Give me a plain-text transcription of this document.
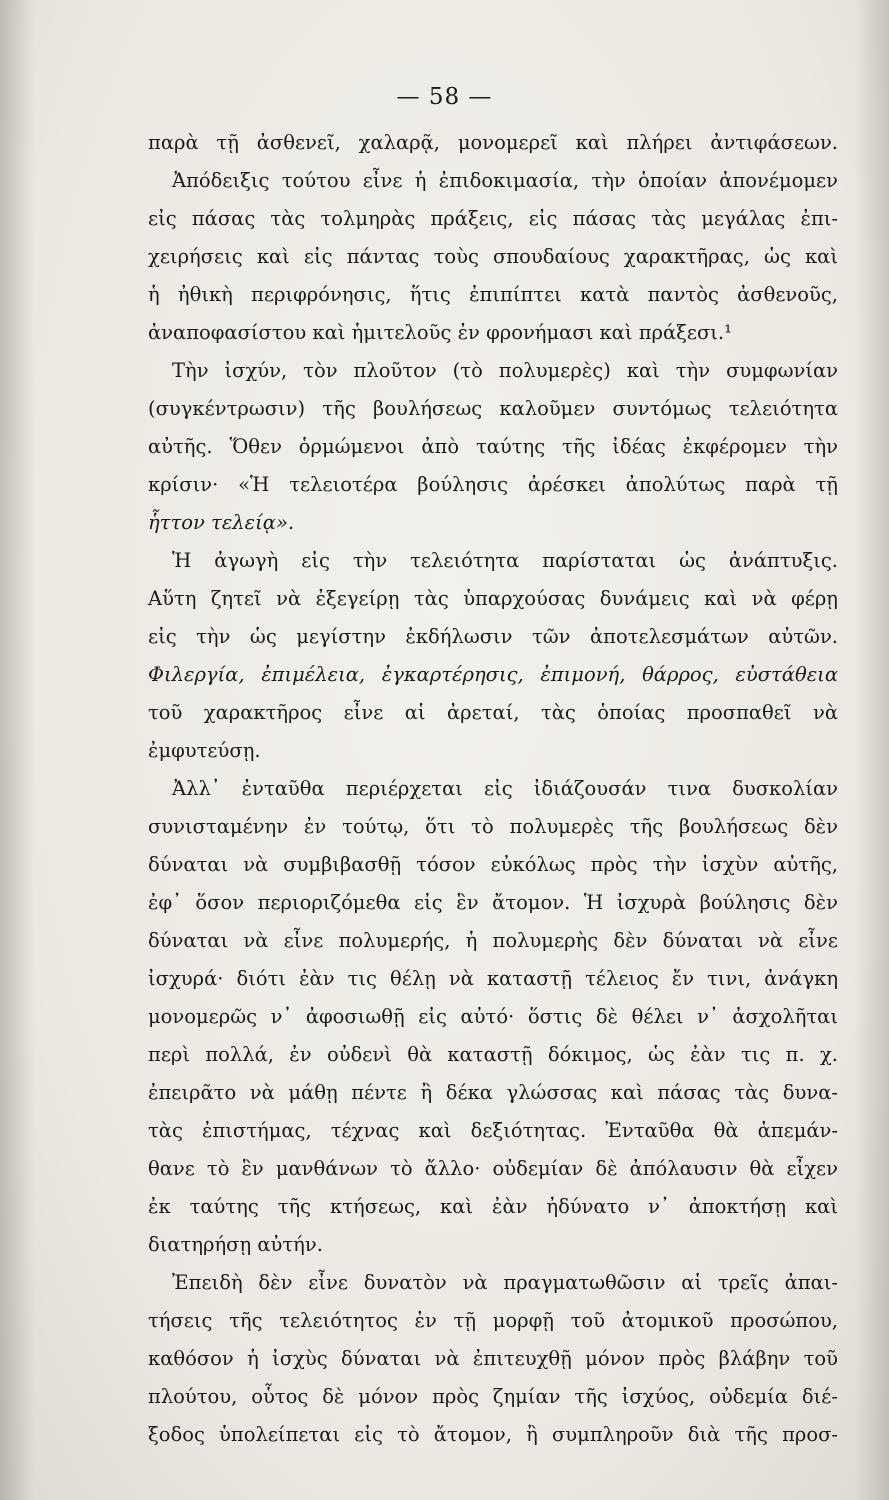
— 58 —
παρὰ τῇ ἀσθενεῖ, χαλαρᾷ, μονομερεῖ καὶ πλήρει ἀντιφάσεων.
Ἀπόδειξις τούτου εἶνε ἡ ἐπιδοκιμασία, τὴν ὁποίαν ἀπονέμομεν
εἰς πάσας τὰς τολμηρὰς πράξεις, εἰς πάσας τὰς μεγάλας ἐπι-
χειρήσεις καὶ εἰς πάντας τοὺς σπουδαίους χαρακτῆρας, ὡς καὶ
ἡ ἠθικὴ περιφρόνησις, ἥτις ἐπιπίπτει κατὰ παντὸς ἀσθενοῦς,
ἀναποφασίστου καὶ ἡμιτελοῦς ἐν φρονήμασι καὶ πράξεσι.¹
Τὴν ἰσχύν, τὸν πλοῦτον (τὸ πολυμερὲς) καὶ τὴν συμφωνίαν
(συγκέντρωσιν) τῆς βουλήσεως καλοῦμεν συντόμως τελειότητα
αὐτῆς. Ὅθεν ὁρμώμενοι ἀπὸ ταύτης τῆς ἰδέας ἐκφέρομεν τὴν
κρίσιν· «Ἡ τελειοτέρα βούλησις ἀρέσκει ἀπολύτως παρὰ τῇ
ἧττον τελείᾳ».
Ἡ ἀγωγὴ εἰς τὴν τελειότητα παρίσταται ὡς ἀνάπτυξις.
Αὕτη ζητεῖ νὰ ἐξεγείρῃ τὰς ὑπαρχούσας δυνάμεις καὶ νὰ φέρῃ
εἰς τὴν ὡς μεγίστην ἐκδήλωσιν τῶν ἀποτελεσμάτων αὐτῶν.
Φιλεργία, ἐπιμέλεια, ἐγκαρτέρησις, ἐπιμονή, θάρρος, εὐστάθεια
τοῦ χαρακτῆρος εἶνε αἱ ἀρεταί, τὰς ὁποίας προσπαθεῖ νὰ
ἐμφυτεύσῃ.
Ἀλλ᾽ ἐνταῦθα περιέρχεται εἰς ἰδιάζουσάν τινα δυσκολίαν
συνισταμένην ἐν τούτῳ, ὅτι τὸ πολυμερὲς τῆς βουλήσεως δὲν
δύναται νὰ συμβιβασθῇ τόσον εὐκόλως πρὸς τὴν ἰσχὺν αὐτῆς,
ἐφ᾽ ὅσον περιοριζόμεθα εἰς ἓν ἄτομον. Ἡ ἰσχυρὰ βούλησις δὲν
δύναται νὰ εἶνε πολυμερής, ἡ πολυμερὴς δὲν δύναται νὰ εἶνε
ἰσχυρά· διότι ἐὰν τις θέλῃ νὰ καταστῇ τέλειος ἔν τινι, ἀνάγκη
μονομερῶς ν᾽ ἀφοσιωθῇ εἰς αὐτό· ὅστις δὲ θέλει ν᾽ ἀσχολῆται
περὶ πολλά, ἐν οὐδενὶ θὰ καταστῇ δόκιμος, ὡς ἐὰν τις π. χ.
ἐπειρᾶτο νὰ μάθῃ πέντε ἢ δέκα γλώσσας καὶ πάσας τὰς δυνα-
τὰς ἐπιστήμας, τέχνας καὶ δεξιότητας. Ἐνταῦθα θὰ ἀπεμάν-
θανε τὸ ἓν μανθάνων τὸ ἄλλο· οὐδεμίαν δὲ ἀπόλαυσιν θὰ εἶχεν
ἐκ ταύτης τῆς κτήσεως, καὶ ἐὰν ἠδύνατο ν᾽ ἀποκτήσῃ καὶ
διατηρήσῃ αὐτήν.
Ἐπειδὴ δὲν εἶνε δυνατὸν νὰ πραγματωθῶσιν αἱ τρεῖς ἀπαι-
τήσεις τῆς τελειότητος ἐν τῇ μορφῇ τοῦ ἀτομικοῦ προσώπου,
καθόσον ἡ ἰσχὺς δύναται νὰ ἐπιτευχθῇ μόνον πρὸς βλάβην τοῦ
πλούτου, οὗτος δὲ μόνον πρὸς ζημίαν τῆς ἰσχύος, οὐδεμία διέ-
ξοδος ὑπολείπεται εἰς τὸ ἄτομον, ἢ συμπληροῦν διὰ τῆς προσ-
